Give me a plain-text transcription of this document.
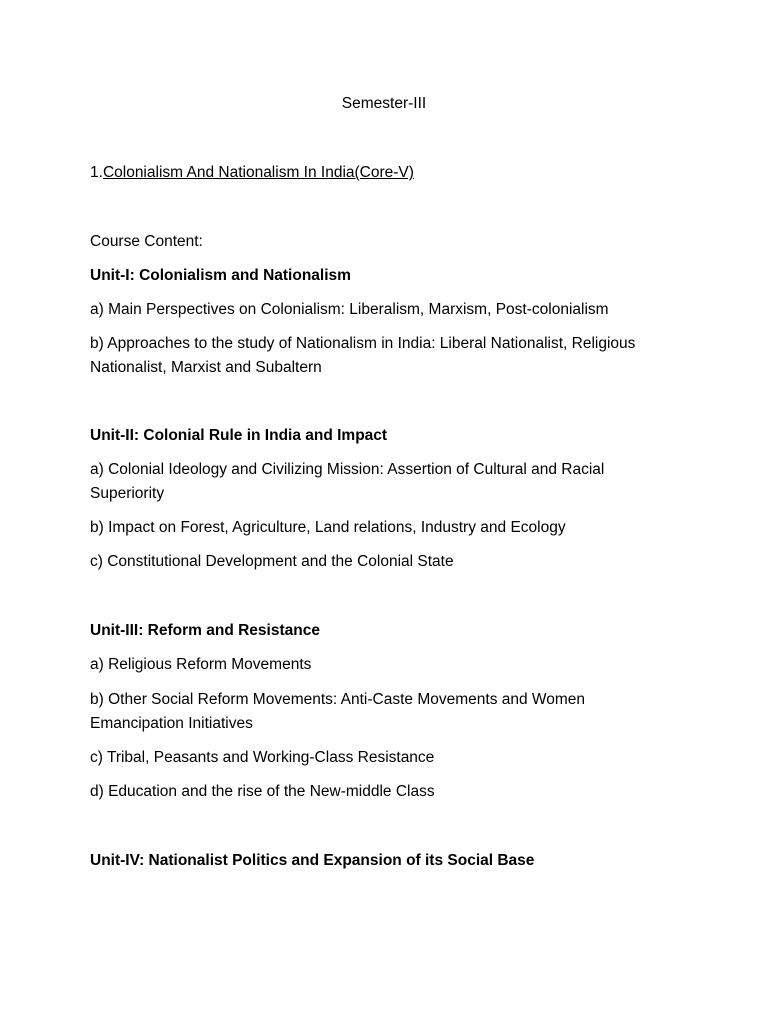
Semester-III
1.Colonialism And Nationalism In India(Core-V)
Course Content:
Unit-I: Colonialism and Nationalism
a) Main Perspectives on Colonialism: Liberalism, Marxism, Post-colonialism
b) Approaches to the study of Nationalism in India: Liberal Nationalist, Religious
Nationalist, Marxist and Subaltern
Unit-II: Colonial Rule in India and Impact
a) Colonial Ideology and Civilizing Mission: Assertion of Cultural and Racial
Superiority
b) Impact on Forest, Agriculture, Land relations, Industry and Ecology
c) Constitutional Development and the Colonial State
Unit-III: Reform and Resistance
a) Religious Reform Movements
b) Other Social Reform Movements: Anti-Caste Movements and Women
Emancipation Initiatives
c) Tribal, Peasants and Working-Class Resistance
d) Education and the rise of the New-middle Class
Unit-IV: Nationalist Politics and Expansion of its Social Base
